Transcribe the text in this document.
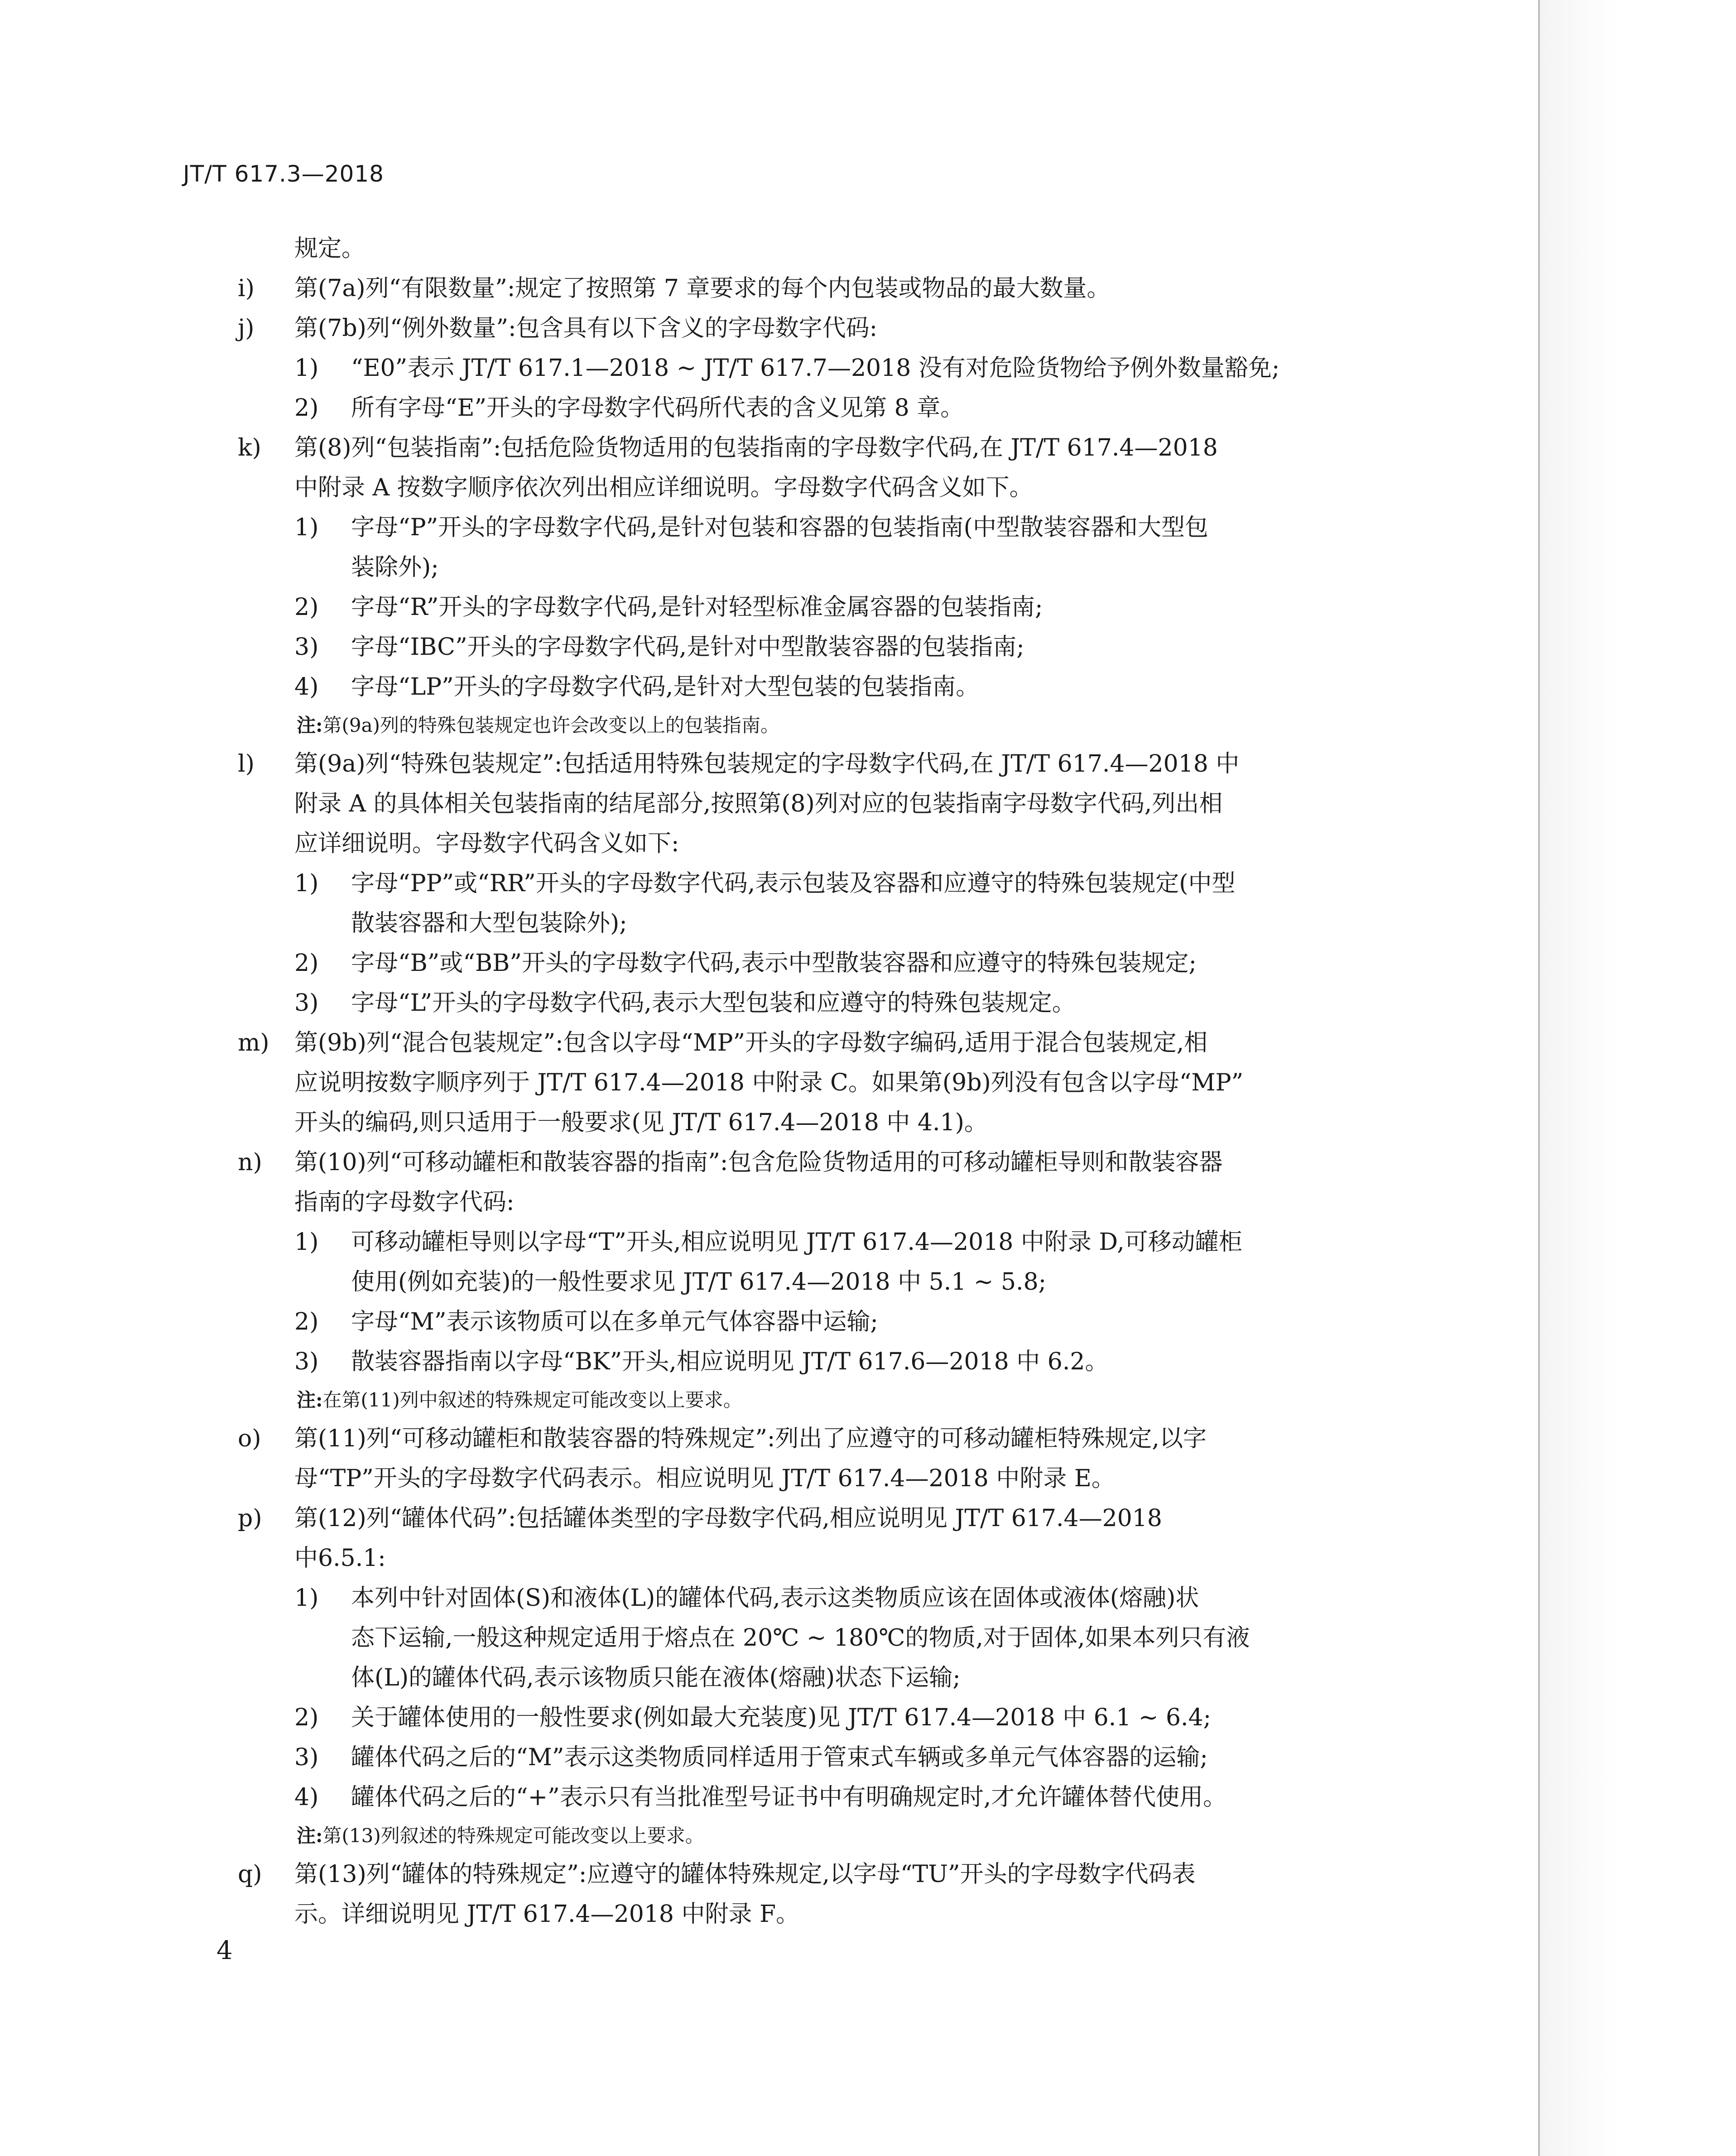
JT/T 617.3—2018
规定。
i) 第(7a)列“有限数量”:规定了按照第 7 章要求的每个内包装或物品的最大数量。
j) 第(7b)列“例外数量”:包含具有以下含义的字母数字代码:
1) “E0”表示 JT/T 617.1—2018 ~ JT/T 617.7—2018 没有对危险货物给予例外数量豁免;
2) 所有字母“E”开头的字母数字代码所代表的含义见第 8 章。
k) 第(8)列“包装指南”:包括危险货物适用的包装指南的字母数字代码,在 JT/T 617.4—2018
中附录 A 按数字顺序依次列出相应详细说明。字母数字代码含义如下。
1) 字母“P”开头的字母数字代码,是针对包装和容器的包装指南(中型散装容器和大型包
装除外);
2) 字母“R”开头的字母数字代码,是针对轻型标准金属容器的包装指南;
3) 字母“IBC”开头的字母数字代码,是针对中型散装容器的包装指南;
4) 字母“LP”开头的字母数字代码,是针对大型包装的包装指南。
注:第(9a)列的特殊包装规定也许会改变以上的包装指南。
l) 第(9a)列“特殊包装规定”:包括适用特殊包装规定的字母数字代码,在 JT/T 617.4—2018 中
附录 A 的具体相关包装指南的结尾部分,按照第(8)列对应的包装指南字母数字代码,列出相
应详细说明。字母数字代码含义如下:
1) 字母“PP”或“RR”开头的字母数字代码,表示包装及容器和应遵守的特殊包装规定(中型
散装容器和大型包装除外);
2) 字母“B”或“BB”开头的字母数字代码,表示中型散装容器和应遵守的特殊包装规定;
3) 字母“L”开头的字母数字代码,表示大型包装和应遵守的特殊包装规定。
m) 第(9b)列“混合包装规定”:包含以字母“MP”开头的字母数字编码,适用于混合包装规定,相
应说明按数字顺序列于 JT/T 617.4—2018 中附录 C。如果第(9b)列没有包含以字母“MP”
开头的编码,则只适用于一般要求(见 JT/T 617.4—2018 中 4.1)。
n) 第(10)列“可移动罐柜和散装容器的指南”:包含危险货物适用的可移动罐柜导则和散装容器
指南的字母数字代码:
1) 可移动罐柜导则以字母“T”开头,相应说明见 JT/T 617.4—2018 中附录 D,可移动罐柜
使用(例如充装)的一般性要求见 JT/T 617.4—2018 中 5.1 ~ 5.8;
2) 字母“M”表示该物质可以在多单元气体容器中运输;
3) 散装容器指南以字母“BK”开头,相应说明见 JT/T 617.6—2018 中 6.2。
注:在第(11)列中叙述的特殊规定可能改变以上要求。
o) 第(11)列“可移动罐柜和散装容器的特殊规定”:列出了应遵守的可移动罐柜特殊规定,以字
母“TP”开头的字母数字代码表示。相应说明见 JT/T 617.4—2018 中附录 E。
p) 第(12)列“罐体代码”:包括罐体类型的字母数字代码,相应说明见 JT/T 617.4—2018
中6.5.1:
1) 本列中针对固体(S)和液体(L)的罐体代码,表示这类物质应该在固体或液体(熔融)状
态下运输,一般这种规定适用于熔点在 20℃ ~ 180℃的物质,对于固体,如果本列只有液
体(L)的罐体代码,表示该物质只能在液体(熔融)状态下运输;
2) 关于罐体使用的一般性要求(例如最大充装度)见 JT/T 617.4—2018 中 6.1 ~ 6.4;
3) 罐体代码之后的“M”表示这类物质同样适用于管束式车辆或多单元气体容器的运输;
4) 罐体代码之后的“+”表示只有当批准型号证书中有明确规定时,才允许罐体替代使用。
注:第(13)列叙述的特殊规定可能改变以上要求。
q) 第(13)列“罐体的特殊规定”:应遵守的罐体特殊规定,以字母“TU”开头的字母数字代码表
示。详细说明见 JT/T 617.4—2018 中附录 F。
4
